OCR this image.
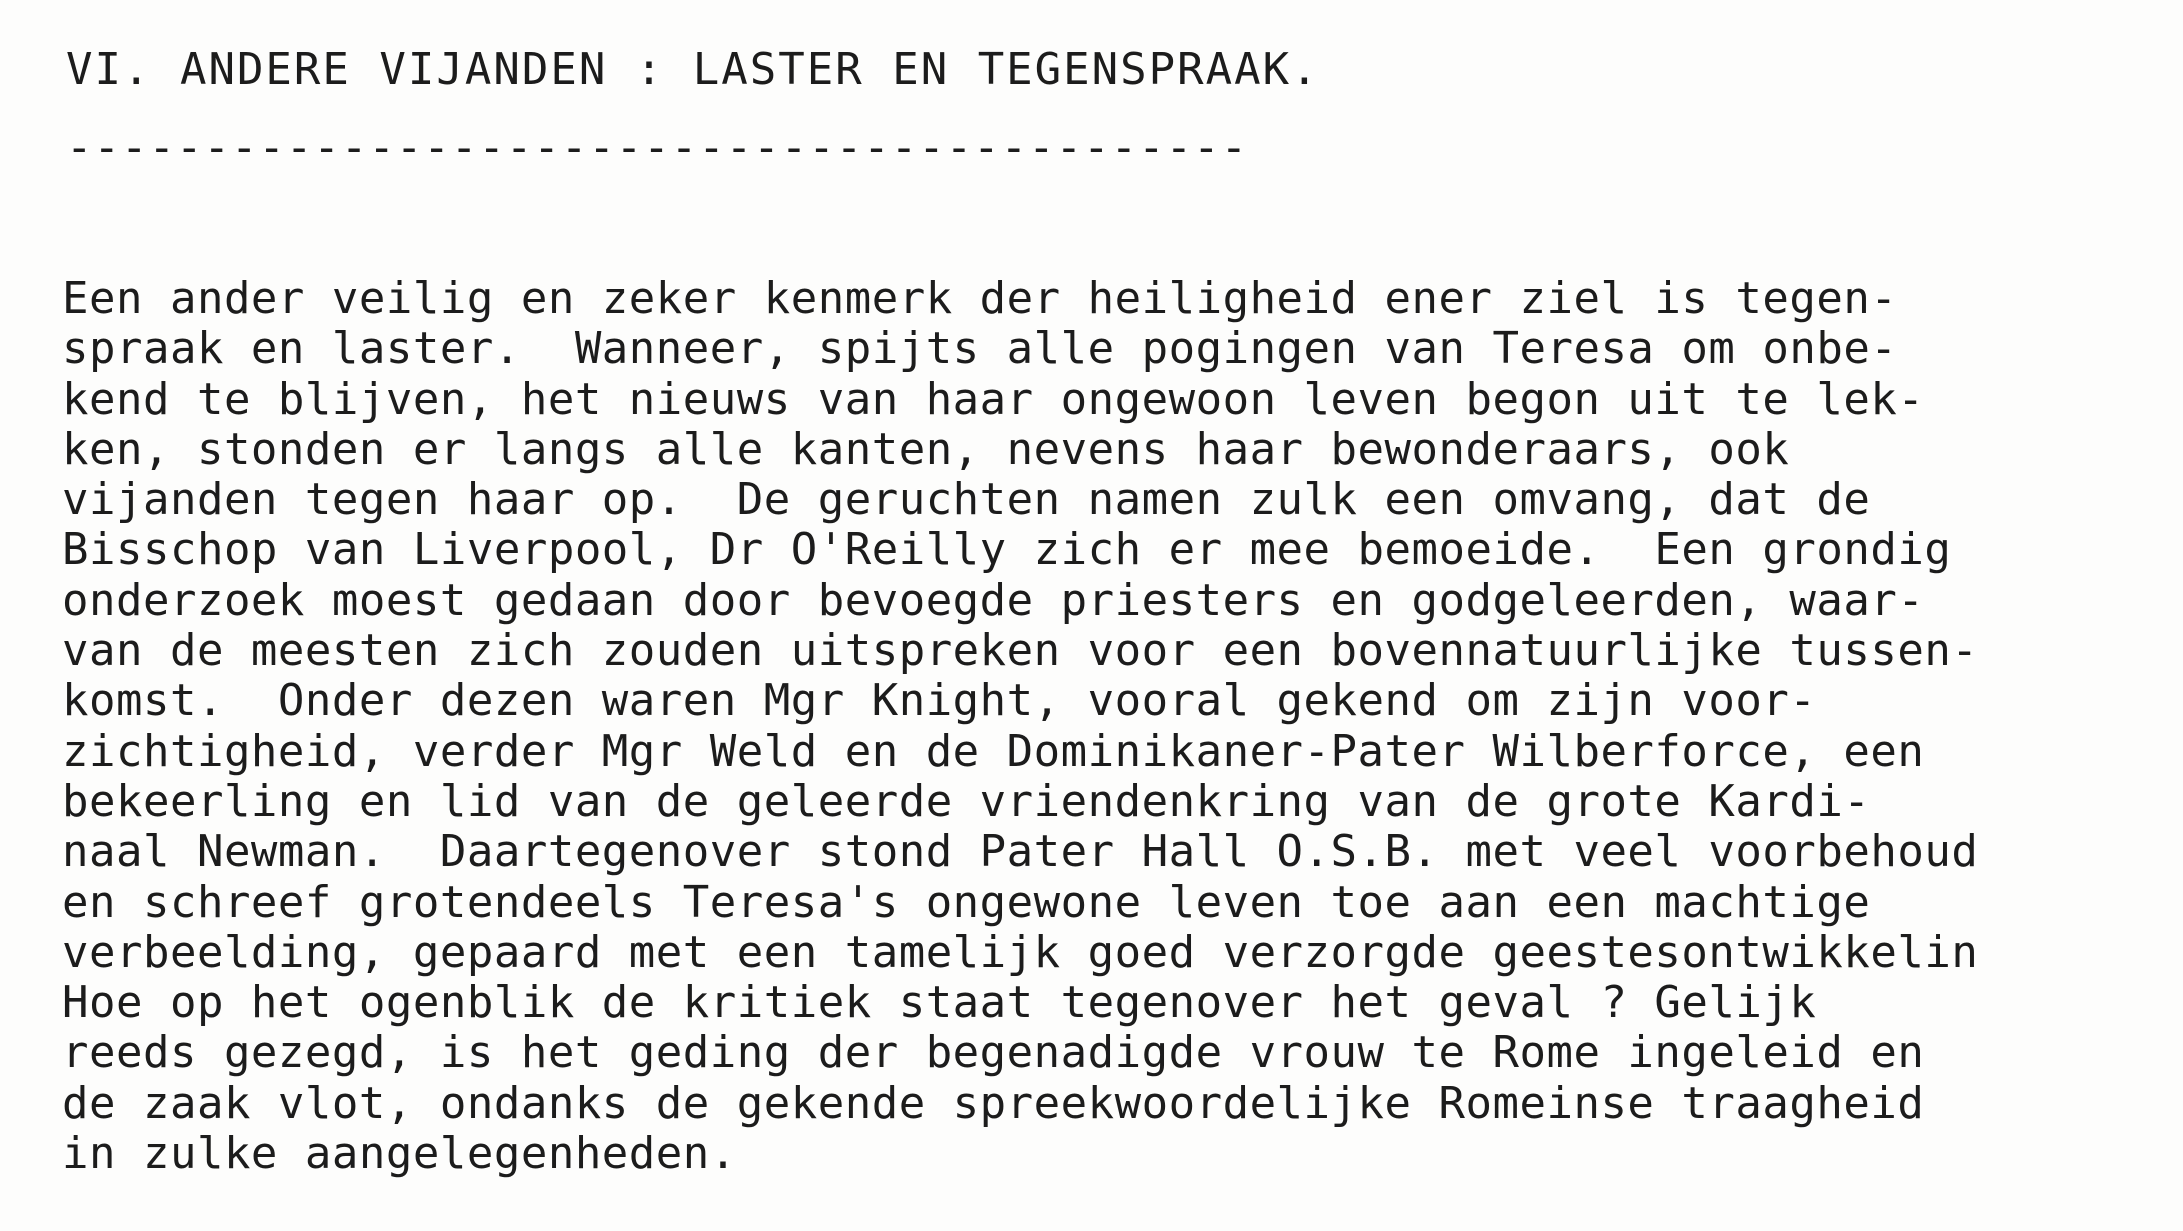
VI. ANDERE VIJANDEN : LASTER EN TEGENSPRAAK.
-------------------------------------------
Een ander veilig en zeker kenmerk der heiligheid ener ziel is tegen-
spraak en laster.  Wanneer, spijts alle pogingen van Teresa om onbe-
kend te blijven, het nieuws van haar ongewoon leven begon uit te lek-
ken, stonden er langs alle kanten, nevens haar bewonderaars, ook
vijanden tegen haar op.  De geruchten namen zulk een omvang, dat de
Bisschop van Liverpool, Dr O'Reilly zich er mee bemoeide.  Een grondig
onderzoek moest gedaan door bevoegde priesters en godgeleerden, waar-
van de meesten zich zouden uitspreken voor een bovennatuurlijke tussen-
komst.  Onder dezen waren Mgr Knight, vooral gekend om zijn voor-
zichtigheid, verder Mgr Weld en de Dominikaner-Pater Wilberforce, een
bekeerling en lid van de geleerde vriendenkring van de grote Kardi-
naal Newman.  Daartegenover stond Pater Hall O.S.B. met veel voorbehoud
en schreef grotendeels Teresa's ongewone leven toe aan een machtige
verbeelding, gepaard met een tamelijk goed verzorgde geestesontwikkelin
Hoe op het ogenblik de kritiek staat tegenover het geval ? Gelijk
reeds gezegd, is het geding der begenadigde vrouw te Rome ingeleid en
de zaak vlot, ondanks de gekende spreekwoordelijke Romeinse traagheid
in zulke aangelegenheden.
